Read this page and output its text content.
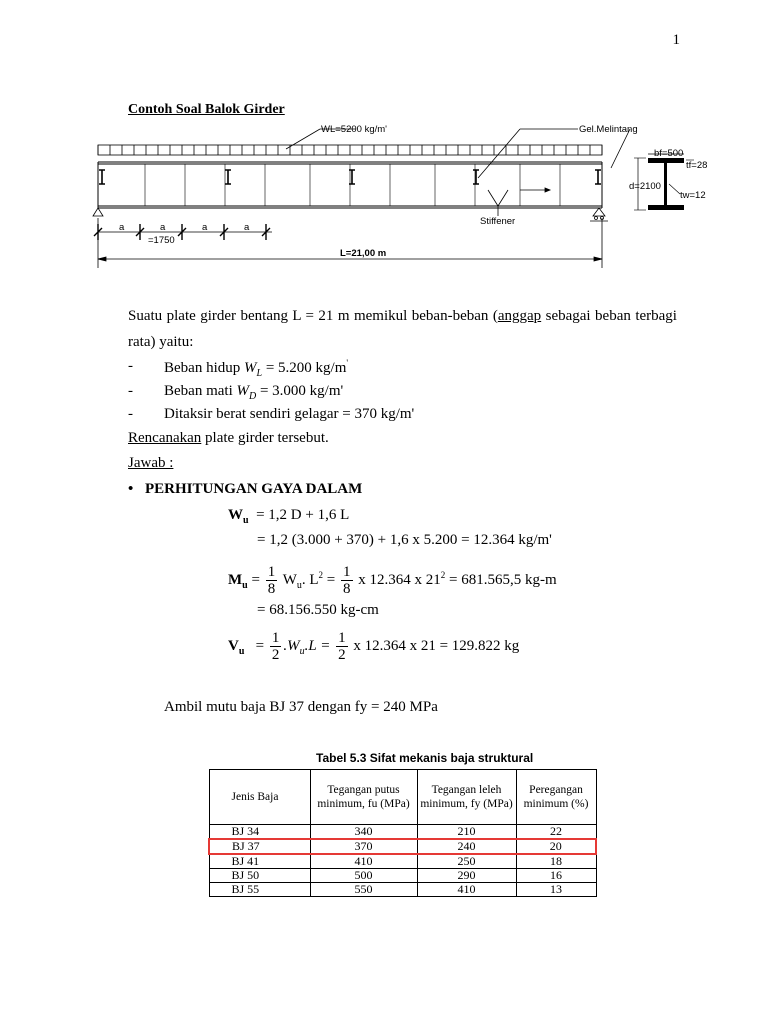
1
Contoh Soal Balok Girder
WL=5200 kg/m'	Gel.Melintang
bf=500
tf=28
d=2100
tw=12
Stiffener
a	a	a	a
=1750
L=21,00 m
Suatu plate girder bentang L = 21 m memikul beban-beban (anggap sebagai beban terbagi rata) yaitu:
- Beban hidup $W_L = 5.200$ kg/m'
- Beban mati $W_D = 3.000$ kg/m'
- Ditaksir berat sendiri gelagar = 370 kg/m'
Rencanakan plate girder tersebut.
Jawab :
• PERHITUNGAN GAYA DALAM
$W_u = 1,2$ D + 1,6 L
= 1,2 (3.000 + 370) + 1,6 x 5.200 = 12.364 kg/m'
$M_u = \frac{1}{8} W_u$. $L^2 = \frac{1}{8}$ x 12.364 x $21^2 = 681.565,5$ kg-m
= 68.156.550 kg-cm
$V_u = \frac{1}{2} .W_u.L = \frac{1}{2}$ x 12.364 x 21 = 129.822 kg
Ambil mutu baja BJ 37 dengan fy = 240 MPa
Tabel 5.3 Sifat mekanis baja struktural
Jenis Baja	Tegangan putus minimum, fu (MPa)	Tegangan leleh minimum, fy (MPa)	Peregangan minimum (%)
BJ 34	340	210	22
BJ 37	370	240	20
BJ 41	410	250	18
BJ 50	500	290	16
BJ 55	550	410	13
